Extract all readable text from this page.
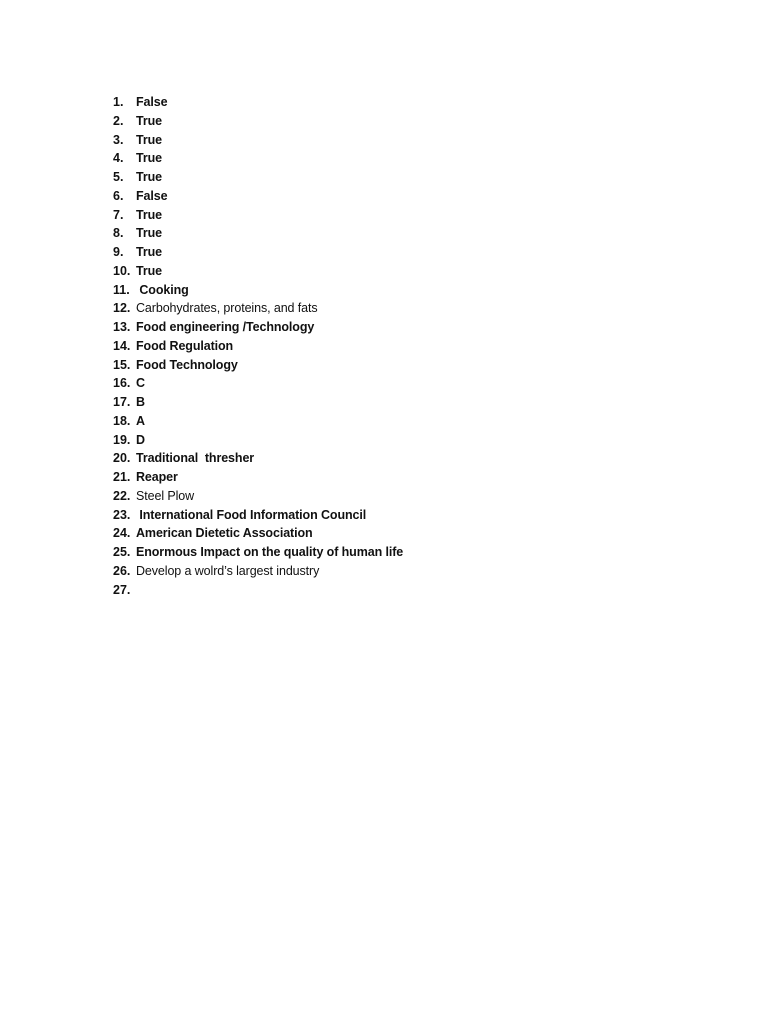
1.	False
2.	True
3.	True
4.	True
5.	True
6.	False
7.	True
8.	True
9.	True
10. True
11. Cooking
12. Carbohydrates, proteins, and fats
13. Food engineering /Technology
14. Food Regulation
15. Food Technology
16. C
17. B
18. A
19. D
20. Traditional  thresher
21. Reaper
22. Steel Plow
23. International Food Information Council
24. American Dietetic Association
25. Enormous Impact on the quality of human life
26. Develop a wolrd’s largest industry
27.
